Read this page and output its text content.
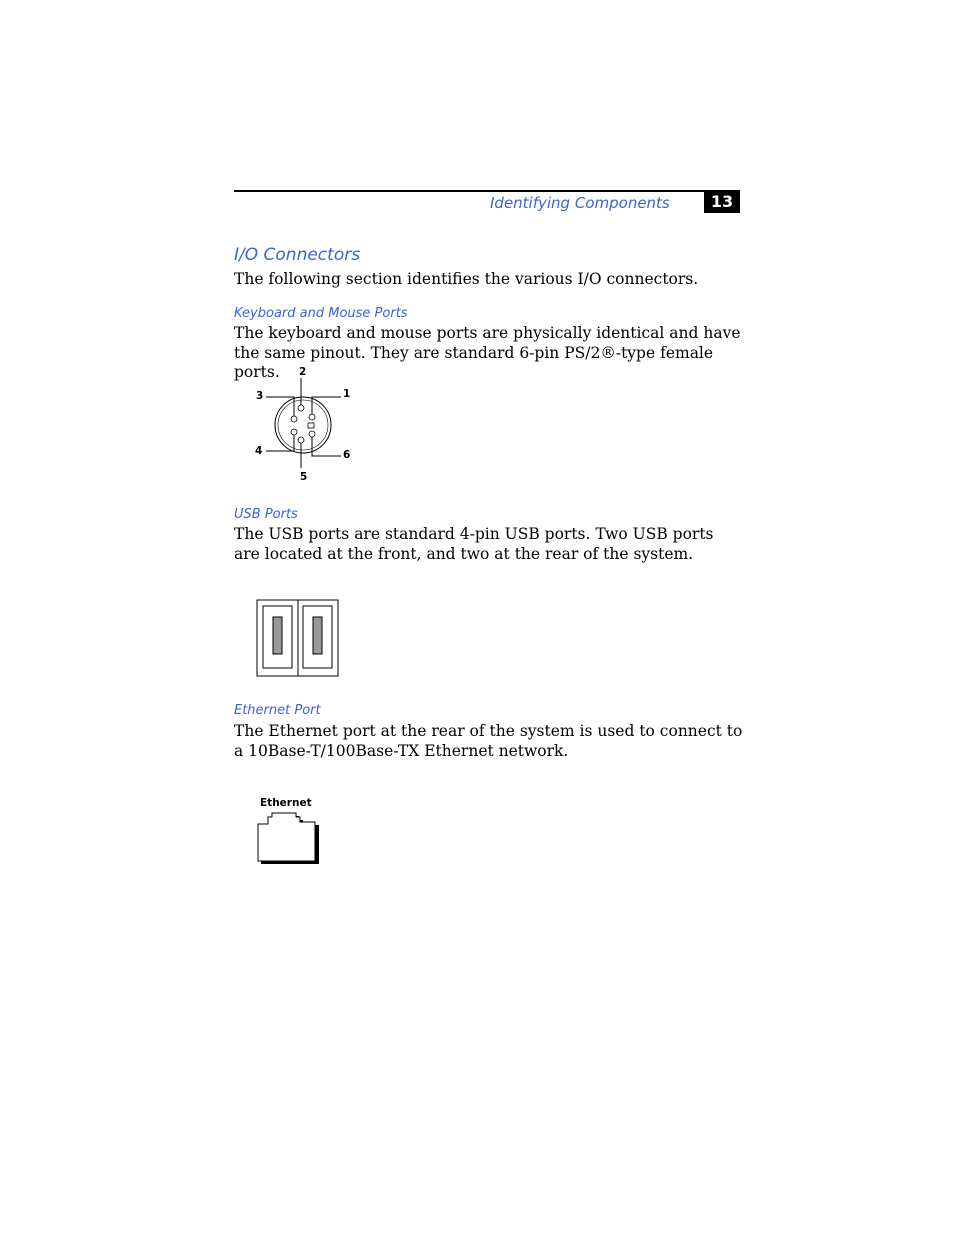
Identifying Components	13
I/O Connectors
The following section identifies the various I/O connectors.
Keyboard and Mouse Ports
The keyboard and mouse ports are physically identical and have the same pinout. They are standard 6-pin PS/2®-type female ports.	2
1
3
4	6
5
USB Ports
The USB ports are standard 4-pin USB ports. Two USB ports are located at the front, and two at the rear of the system.
Ethernet Port
The Ethernet port at the rear of the system is used to connect to a 10Base-T/100Base-TX Ethernet network.
Ethernet
